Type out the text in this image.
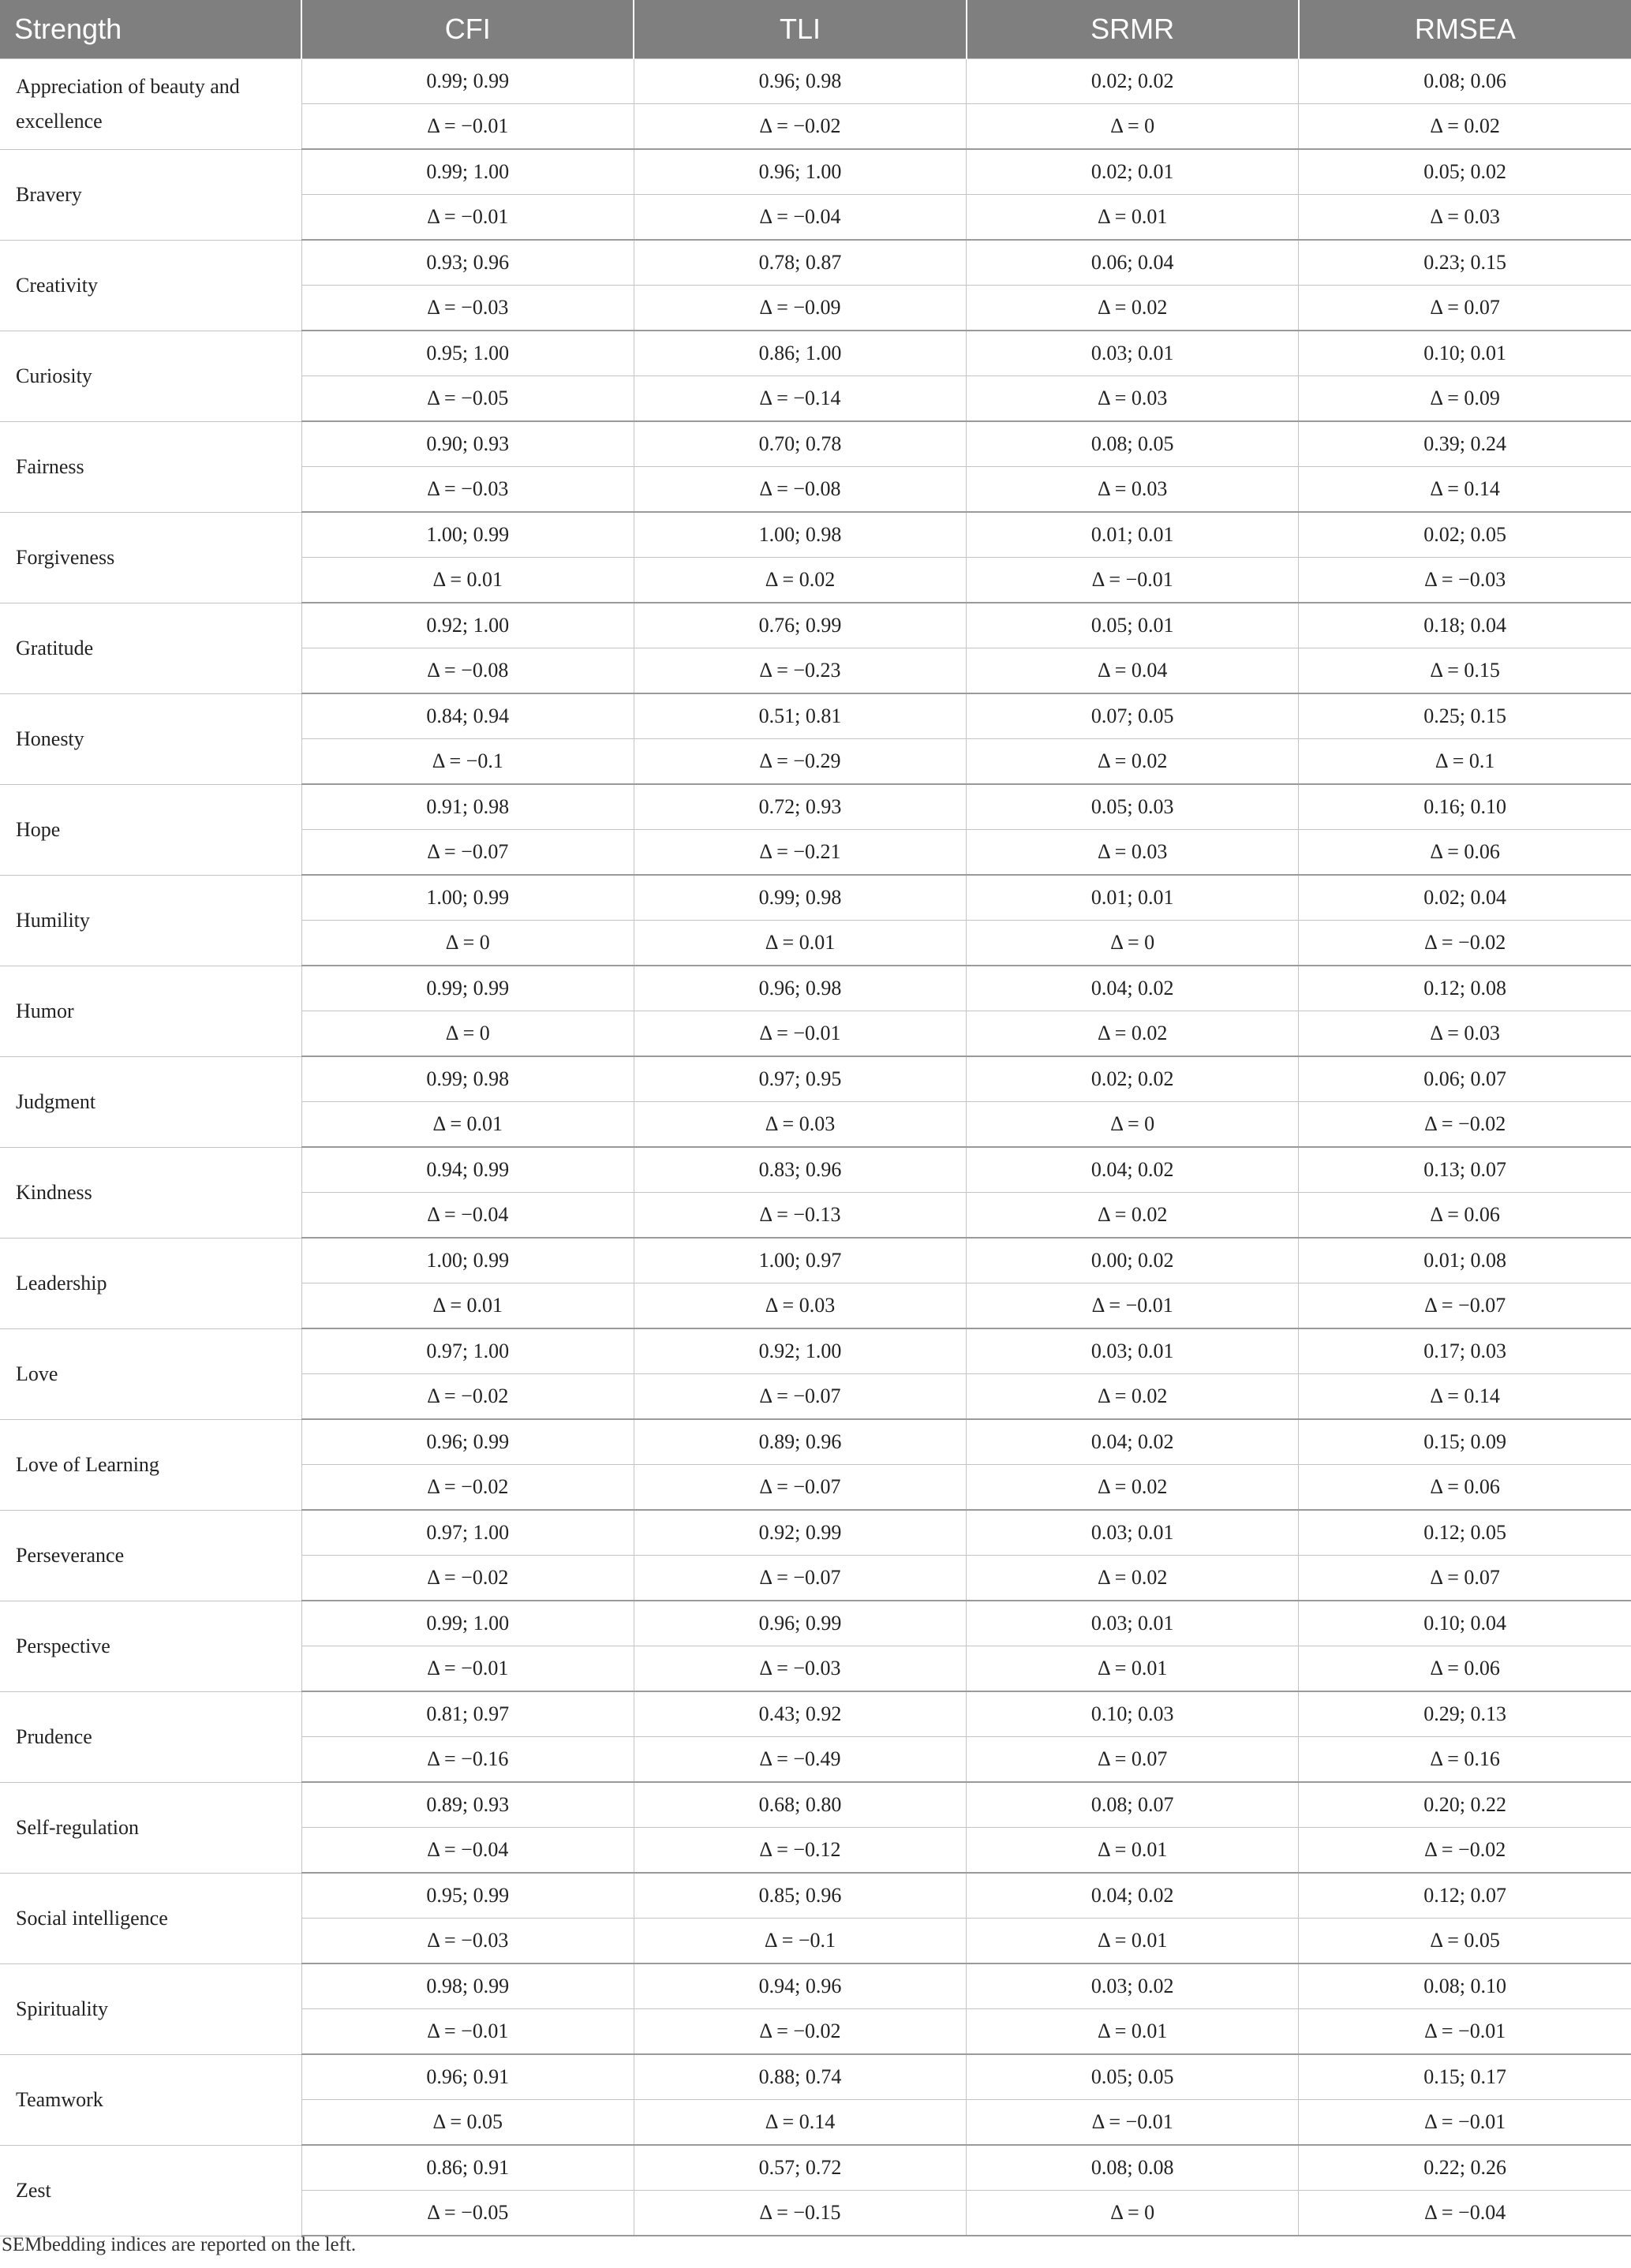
Strength	CFI	TLI	SRMR	RMSEA
Appreciation of beauty and excellence	0.99; 0.99	0.96; 0.98	0.02; 0.02	0.08; 0.06
	Δ = −0.01	Δ = −0.02	Δ = 0	Δ = 0.02
Bravery	0.99; 1.00	0.96; 1.00	0.02; 0.01	0.05; 0.02
	Δ = −0.01	Δ = −0.04	Δ = 0.01	Δ = 0.03
Creativity	0.93; 0.96	0.78; 0.87	0.06; 0.04	0.23; 0.15
	Δ = −0.03	Δ = −0.09	Δ = 0.02	Δ = 0.07
Curiosity	0.95; 1.00	0.86; 1.00	0.03; 0.01	0.10; 0.01
	Δ = −0.05	Δ = −0.14	Δ = 0.03	Δ = 0.09
Fairness	0.90; 0.93	0.70; 0.78	0.08; 0.05	0.39; 0.24
	Δ = −0.03	Δ = −0.08	Δ = 0.03	Δ = 0.14
Forgiveness	1.00; 0.99	1.00; 0.98	0.01; 0.01	0.02; 0.05
	Δ = 0.01	Δ = 0.02	Δ = −0.01	Δ = −0.03
Gratitude	0.92; 1.00	0.76; 0.99	0.05; 0.01	0.18; 0.04
	Δ = −0.08	Δ = −0.23	Δ = 0.04	Δ = 0.15
Honesty	0.84; 0.94	0.51; 0.81	0.07; 0.05	0.25; 0.15
	Δ = −0.1	Δ = −0.29	Δ = 0.02	Δ = 0.1
Hope	0.91; 0.98	0.72; 0.93	0.05; 0.03	0.16; 0.10
	Δ = −0.07	Δ = −0.21	Δ = 0.03	Δ = 0.06
Humility	1.00; 0.99	0.99; 0.98	0.01; 0.01	0.02; 0.04
	Δ = 0	Δ = 0.01	Δ = 0	Δ = −0.02
Humor	0.99; 0.99	0.96; 0.98	0.04; 0.02	0.12; 0.08
	Δ = 0	Δ = −0.01	Δ = 0.02	Δ = 0.03
Judgment	0.99; 0.98	0.97; 0.95	0.02; 0.02	0.06; 0.07
	Δ = 0.01	Δ = 0.03	Δ = 0	Δ = −0.02
Kindness	0.94; 0.99	0.83; 0.96	0.04; 0.02	0.13; 0.07
	Δ = −0.04	Δ = −0.13	Δ = 0.02	Δ = 0.06
Leadership	1.00; 0.99	1.00; 0.97	0.00; 0.02	0.01; 0.08
	Δ = 0.01	Δ = 0.03	Δ = −0.01	Δ = −0.07
Love	0.97; 1.00	0.92; 1.00	0.03; 0.01	0.17; 0.03
	Δ = −0.02	Δ = −0.07	Δ = 0.02	Δ = 0.14
Love of Learning	0.96; 0.99	0.89; 0.96	0.04; 0.02	0.15; 0.09
	Δ = −0.02	Δ = −0.07	Δ = 0.02	Δ = 0.06
Perseverance	0.97; 1.00	0.92; 0.99	0.03; 0.01	0.12; 0.05
	Δ = −0.02	Δ = −0.07	Δ = 0.02	Δ = 0.07
Perspective	0.99; 1.00	0.96; 0.99	0.03; 0.01	0.10; 0.04
	Δ = −0.01	Δ = −0.03	Δ = 0.01	Δ = 0.06
Prudence	0.81; 0.97	0.43; 0.92	0.10; 0.03	0.29; 0.13
	Δ = −0.16	Δ = −0.49	Δ = 0.07	Δ = 0.16
Self-regulation	0.89; 0.93	0.68; 0.80	0.08; 0.07	0.20; 0.22
	Δ = −0.04	Δ = −0.12	Δ = 0.01	Δ = −0.02
Social intelligence	0.95; 0.99	0.85; 0.96	0.04; 0.02	0.12; 0.07
	Δ = −0.03	Δ = −0.1	Δ = 0.01	Δ = 0.05
Spirituality	0.98; 0.99	0.94; 0.96	0.03; 0.02	0.08; 0.10
	Δ = −0.01	Δ = −0.02	Δ = 0.01	Δ = −0.01
Teamwork	0.96; 0.91	0.88; 0.74	0.05; 0.05	0.15; 0.17
	Δ = 0.05	Δ = 0.14	Δ = −0.01	Δ = −0.01
Zest	0.86; 0.91	0.57; 0.72	0.08; 0.08	0.22; 0.26
	Δ = −0.05	Δ = −0.15	Δ = 0	Δ = −0.04
SEMbedding indices are reported on the left.
